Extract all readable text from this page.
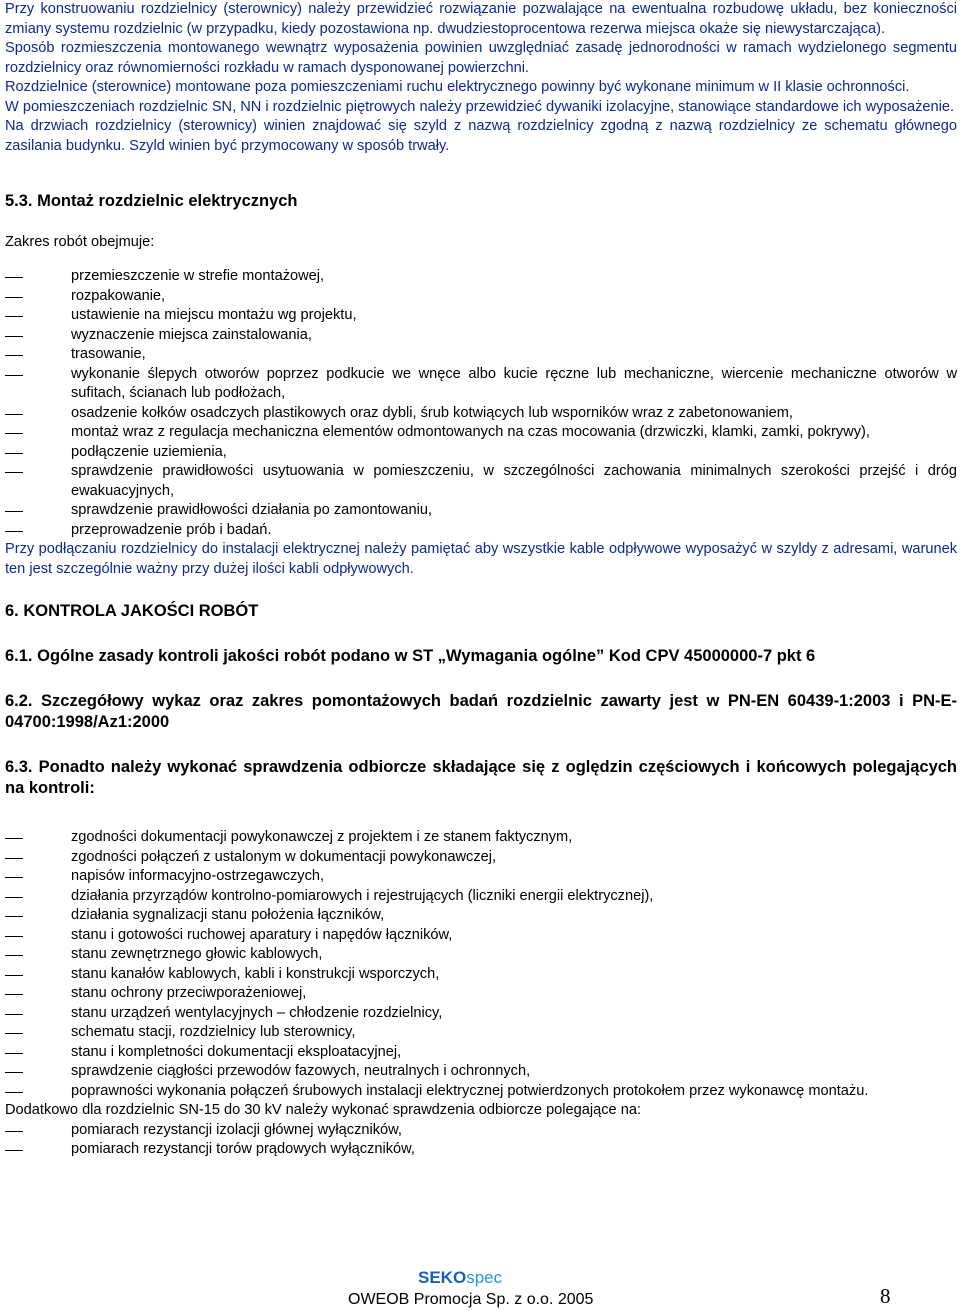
Przy konstruowaniu rozdzielnicy (sterownicy) należy przewidzieć rozwiązanie pozwalające na ewentualna rozbudowę układu, bez konieczności zmiany systemu rozdzielnic (w przypadku, kiedy pozostawiona np. dwudziestoprocentowa rezerwa miejsca okaże się niewystarczająca).

Sposób rozmieszczenia montowanego wewnątrz wyposażenia powinien uwzględniać zasadę jednorodności w ramach wydzielonego segmentu rozdzielnicy oraz równomierności rozkładu w ramach dysponowanej powierzchni.

Rozdzielnice (sterownice) montowane poza pomieszczeniami ruchu elektrycznego powinny być wykonane minimum w II klasie ochronności.

W pomieszczeniach rozdzielnic SN, NN i rozdzielnic piętrowych należy przewidzieć dywaniki izolacyjne, stanowiące standardowe ich wyposażenie.

Na drzwiach rozdzielnicy (sterownicy) winien znajdować się szyld z nazwą rozdzielnicy zgodną z nazwą rozdzielnicy ze schematu głównego zasilania budynku. Szyld winien być przymocowany w sposób trwały.

5.3. Montaż rozdzielnic elektrycznych

Zakres robót obejmuje:

przemieszczenie w strefie montażowej,
rozpakowanie,
ustawienie na miejscu montażu wg projektu,
wyznaczenie miejsca zainstalowania,
trasowanie,
wykonanie ślepych otworów poprzez podkucie we wnęce albo kucie ręczne lub mechaniczne, wiercenie mechaniczne otworów w sufitach, ścianach lub podłożach,
osadzenie kołków osadczych plastikowych oraz dybli, śrub kotwiących lub wsporników wraz z zabetonowaniem,
montaż wraz z regulacja mechaniczna elementów odmontowanych na czas mocowania (drzwiczki, klamki, zamki, pokrywy),
podłączenie uziemienia,
sprawdzenie prawidłowości usytuowania w pomieszczeniu, w szczególności zachowania minimalnych szerokości przejść i dróg ewakuacyjnych,
sprawdzenie prawidłowości działania po zamontowaniu,
przeprowadzenie prób i badań.

Przy podłączaniu rozdzielnicy do instalacji elektrycznej należy pamiętać aby wszystkie kable odpływowe wyposażyć w szyldy z adresami, warunek ten jest szczególnie ważny przy dużej ilości kabli odpływowych.

6. KONTROLA JAKOŚCI ROBÓT

6.1. Ogólne zasady kontroli jakości robót podano w ST „Wymagania ogólne” Kod CPV 45000000-7 pkt 6

6.2. Szczegółowy wykaz oraz zakres pomontażowych badań rozdzielnic zawarty jest w PN-EN 60439-1:2003 i PN-E-04700:1998/Az1:2000

6.3. Ponadto należy wykonać sprawdzenia odbiorcze składające się z oględzin częściowych i końcowych polegających na kontroli:

zgodności dokumentacji powykonawczej z projektem i ze stanem faktycznym,
zgodności połączeń z ustalonym w dokumentacji powykonawczej,
napisów informacyjno-ostrzegawczych,
działania przyrządów kontrolno-pomiarowych i rejestrujących (liczniki energii elektrycznej),
działania sygnalizacji stanu położenia łączników,
stanu i gotowości ruchowej aparatury i napędów łączników,
stanu zewnętrznego głowic kablowych,
stanu kanałów kablowych, kabli i konstrukcji wsporczych,
stanu ochrony przeciwporażeniowej,
stanu urządzeń wentylacyjnych – chłodzenie rozdzielnicy,
schematu stacji, rozdzielnicy lub sterownicy,
stanu i kompletności dokumentacji eksploatacyjnej,
sprawdzenie ciągłości przewodów fazowych, neutralnych i ochronnych,
poprawności wykonania połączeń śrubowych instalacji elektrycznej potwierdzonych protokołem przez wykonawcę montażu.

Dodatkowo dla rozdzielnic SN-15 do 30 kV należy wykonać sprawdzenia odbiorcze polegające na:

pomiarach rezystancji izolacji głównej wyłączników,
pomiarach rezystancji torów prądowych wyłączników,
SEKOspec
OWEOB Promocja Sp. z o.o. 2005	8
